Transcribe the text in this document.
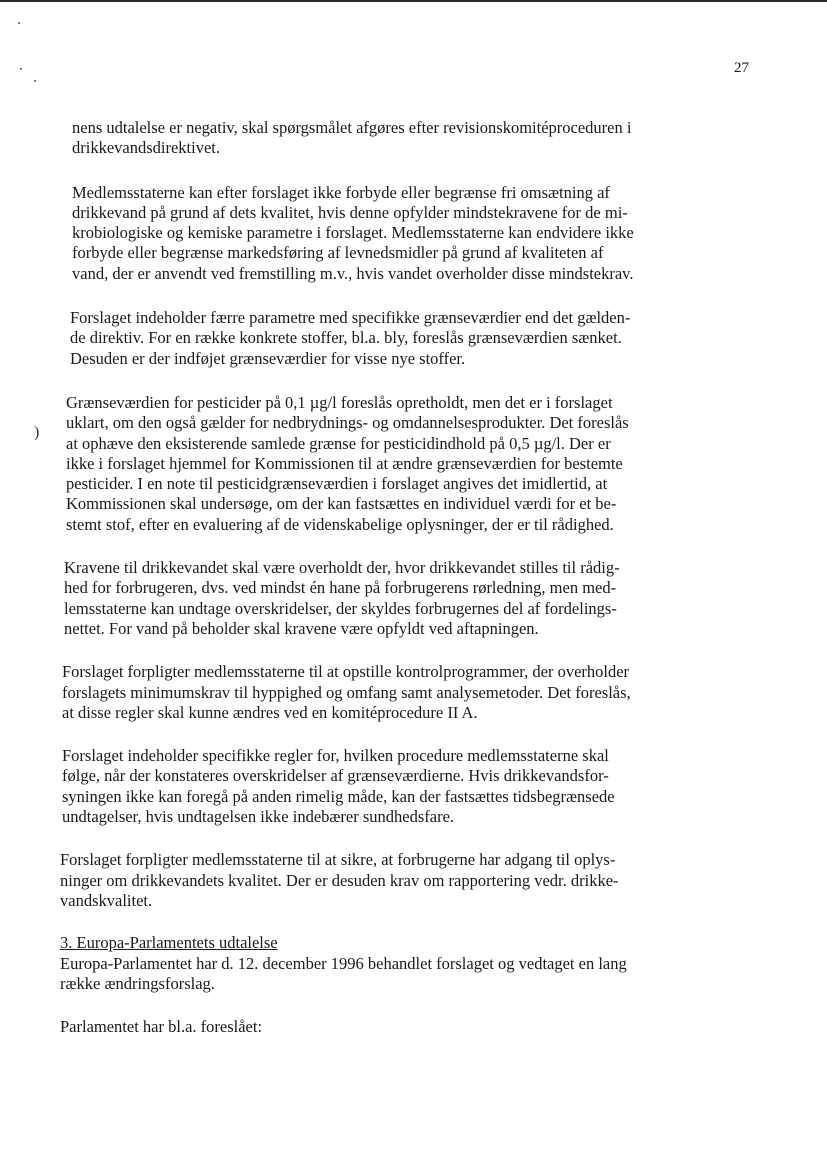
27
)

nens udtalelse er negativ, skal spørgsmålet afgøres efter revisionskomitéproceduren i
drikkevandsdirektivet.

Medlemsstaterne kan efter forslaget ikke forbyde eller begrænse fri omsætning af
drikkevand på grund af dets kvalitet, hvis denne opfylder mindstekravene for de mi-
krobiologiske og kemiske parametre i forslaget. Medlemsstaterne kan endvidere ikke
forbyde eller begrænse markedsføring af levnedsmidler på grund af kvaliteten af
vand, der er anvendt ved fremstilling m.v., hvis vandet overholder disse mindstekrav.

Forslaget indeholder færre parametre med specifikke grænseværdier end det gælden-
de direktiv. For en række konkrete stoffer, bl.a. bly, foreslås grænseværdien sænket.
Desuden er der indføjet grænseværdier for visse nye stoffer.

Grænseværdien for pesticider på 0,1 µg/l foreslås opretholdt, men det er i forslaget
uklart, om den også gælder for nedbrydnings- og omdannelsesprodukter. Det foreslås
at ophæve den eksisterende samlede grænse for pesticidindhold på 0,5 µg/l. Der er
ikke i forslaget hjemmel for Kommissionen til at ændre grænseværdien for bestemte
pesticider. I en note til pesticidgrænseværdien i forslaget angives det imidlertid, at
Kommissionen skal undersøge, om der kan fastsættes en individuel værdi for et be-
stemt stof, efter en evaluering af de videnskabelige oplysninger, der er til rådighed.

Kravene til drikkevandet skal være overholdt der, hvor drikkevandet stilles til rådig-
hed for forbrugeren, dvs. ved mindst én hane på forbrugerens rørledning, men med-
lemsstaterne kan undtage overskridelser, der skyldes forbrugernes del af fordelings-
nettet. For vand på beholder skal kravene være opfyldt ved aftapningen.

Forslaget forpligter medlemsstaterne til at opstille kontrolprogrammer, der overholder
forslagets minimumskrav til hyppighed og omfang samt analysemetoder. Det foreslås,
at disse regler skal kunne ændres ved en komitéprocedure II A.

Forslaget indeholder specifikke regler for, hvilken procedure medlemsstaterne skal
følge, når der konstateres overskridelser af grænseværdierne. Hvis drikkevandsfor-
syningen ikke kan foregå på anden rimelig måde, kan der fastsættes tidsbegrænsede
undtagelser, hvis undtagelsen ikke indebærer sundhedsfare.

Forslaget forpligter medlemsstaterne til at sikre, at forbrugerne har adgang til oplys-
ninger om drikkevandets kvalitet. Der er desuden krav om rapportering vedr. drikke-
vandskvalitet.

3. Europa-Parlamentets udtalelse

Europa-Parlamentet har d. 12. december 1996 behandlet forslaget og vedtaget en lang
række ændringsforslag.

Parlamentet har bl.a. foreslået:
